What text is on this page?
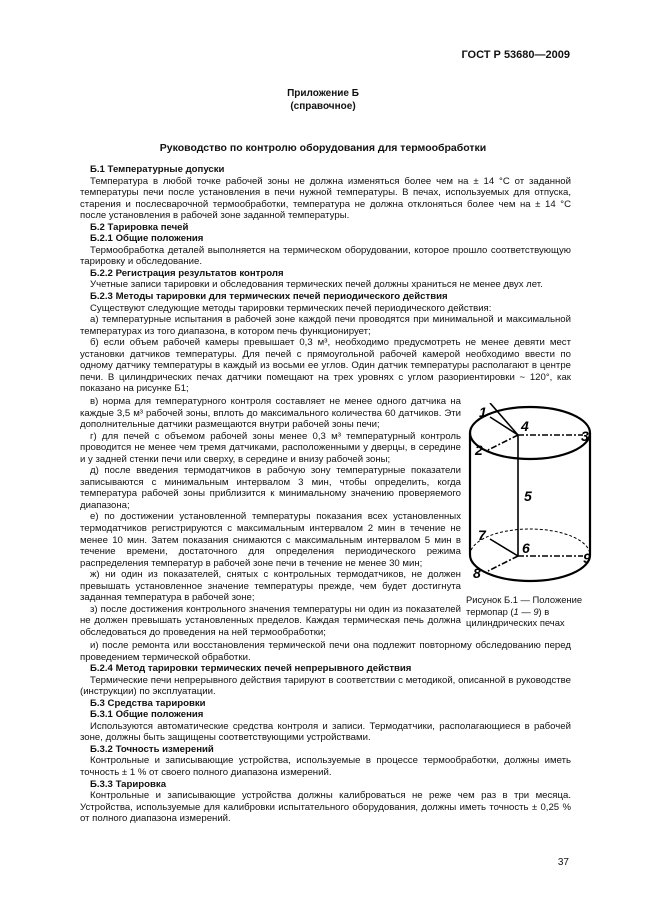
ГОСТ Р 53680—2009
Приложение Б
(справочное)
Руководство по контролю оборудования для термообработки

Б.1 Температурные допуски

Температура в любой точке рабочей зоны не должна изменяться более чем на ± 14 °С от заданной температуры печи после установления в печи нужной температуры. В печах, используемых для отпуска, старения и послесварочной термообработки, температура не должна отклоняться более чем на ± 14 °С после установления в рабочей зоне заданной температуры.

Б.2 Тарировка печей

Б.2.1 Общие положения

Термообработка деталей выполняется на термическом оборудовании, которое прошло соответствующую тарировку и обследование.

Б.2.2 Регистрация результатов контроля

Учетные записи тарировки и обследования термических печей должны храниться не менее двух лет.

Б.2.3 Методы тарировки для термических печей периодического действия

Существуют следующие методы тарировки термических печей периодического действия:

а) температурные испытания в рабочей зоне каждой печи проводятся при минимальной и максимальной температурах из того диапазона, в котором печь функционирует;

б) если объем рабочей камеры превышает 0,3 м³, необходимо предусмотреть не менее девяти мест установки датчиков температуры. Для печей с прямоугольной рабочей камерой необходимо ввести по одному датчику температуры в каждый из восьми ее углов. Один датчик температуры располагают в центре печи. В цилиндрических печах датчики помещают на трех уровнях с углом разориентировки ~ 120°, как показано на рисунке Б1;

в) норма для температурного контроля составляет не менее одного датчика на каждые 3,5 м³ рабочей зоны, вплоть до максимального количества 60 датчиков. Эти дополнительные датчики размещаются внутри рабочей зоны печи;

г) для печей с объемом рабочей зоны менее 0,3 м³ температурный контроль проводится не менее чем тремя датчиками, расположенными у дверцы, в середине и у задней стенки печи или сверху, в середине и внизу рабочей зоны;

д) после введения термодатчиков в рабочую зону температурные показатели записываются с минимальным интервалом 3 мин, чтобы определить, когда температура рабочей зоны приблизится к минимальному значению проверяемого диапазона;

е) по достижении установленной температуры показания всех установленных термодатчиков регистрируются с максимальным интервалом 2 мин в течение не менее 10 мин. Затем показания снимаются с максимальным интервалом 5 мин в течение времени, достаточного для определения периодического режима распределения температур в рабочей зоне печи в течение не менее 30 мин;

ж) ни один из показателей, снятых с контрольных термодатчиков, не должен превышать установленное значение температуры прежде, чем будет достигнута заданная температура в рабочей зоне;

з) после достижения контрольного значения температуры ни один из показателей не должен превышать установленных пределов. Каждая термическая печь должна обследоваться до проведения на ней термообработки;

1
2
3
4
5
6
7
8
9
Рисунок Б.1 — Положение термопар (1 — 9) в цилиндрических печах

и) после ремонта или восстановления термической печи она подлежит повторному обследованию перед проведением термической обработки.

Б.2.4 Метод тарировки термических печей непрерывного действия

Термические печи непрерывного действия тарируют в соответствии с методикой, описанной в руководстве (инструкции) по эксплуатации.

Б.3 Средства тарировки

Б.3.1 Общие положения

Используются автоматические средства контроля и записи. Термодатчики, располагающиеся в рабочей зоне, должны быть защищены соответствующими устройствами.

Б.3.2 Точность измерений

Контрольные и записывающие устройства, используемые в процессе термообработки, должны иметь точность ± 1 % от своего полного диапазона измерений.

Б.3.3 Тарировка

Контрольные и записывающие устройства должны калиброваться не реже чем раз в три месяца. Устройства, используемые для калибровки испытательного оборудования, должны иметь точность ± 0,25 % от полного диапазона измерений.

37
